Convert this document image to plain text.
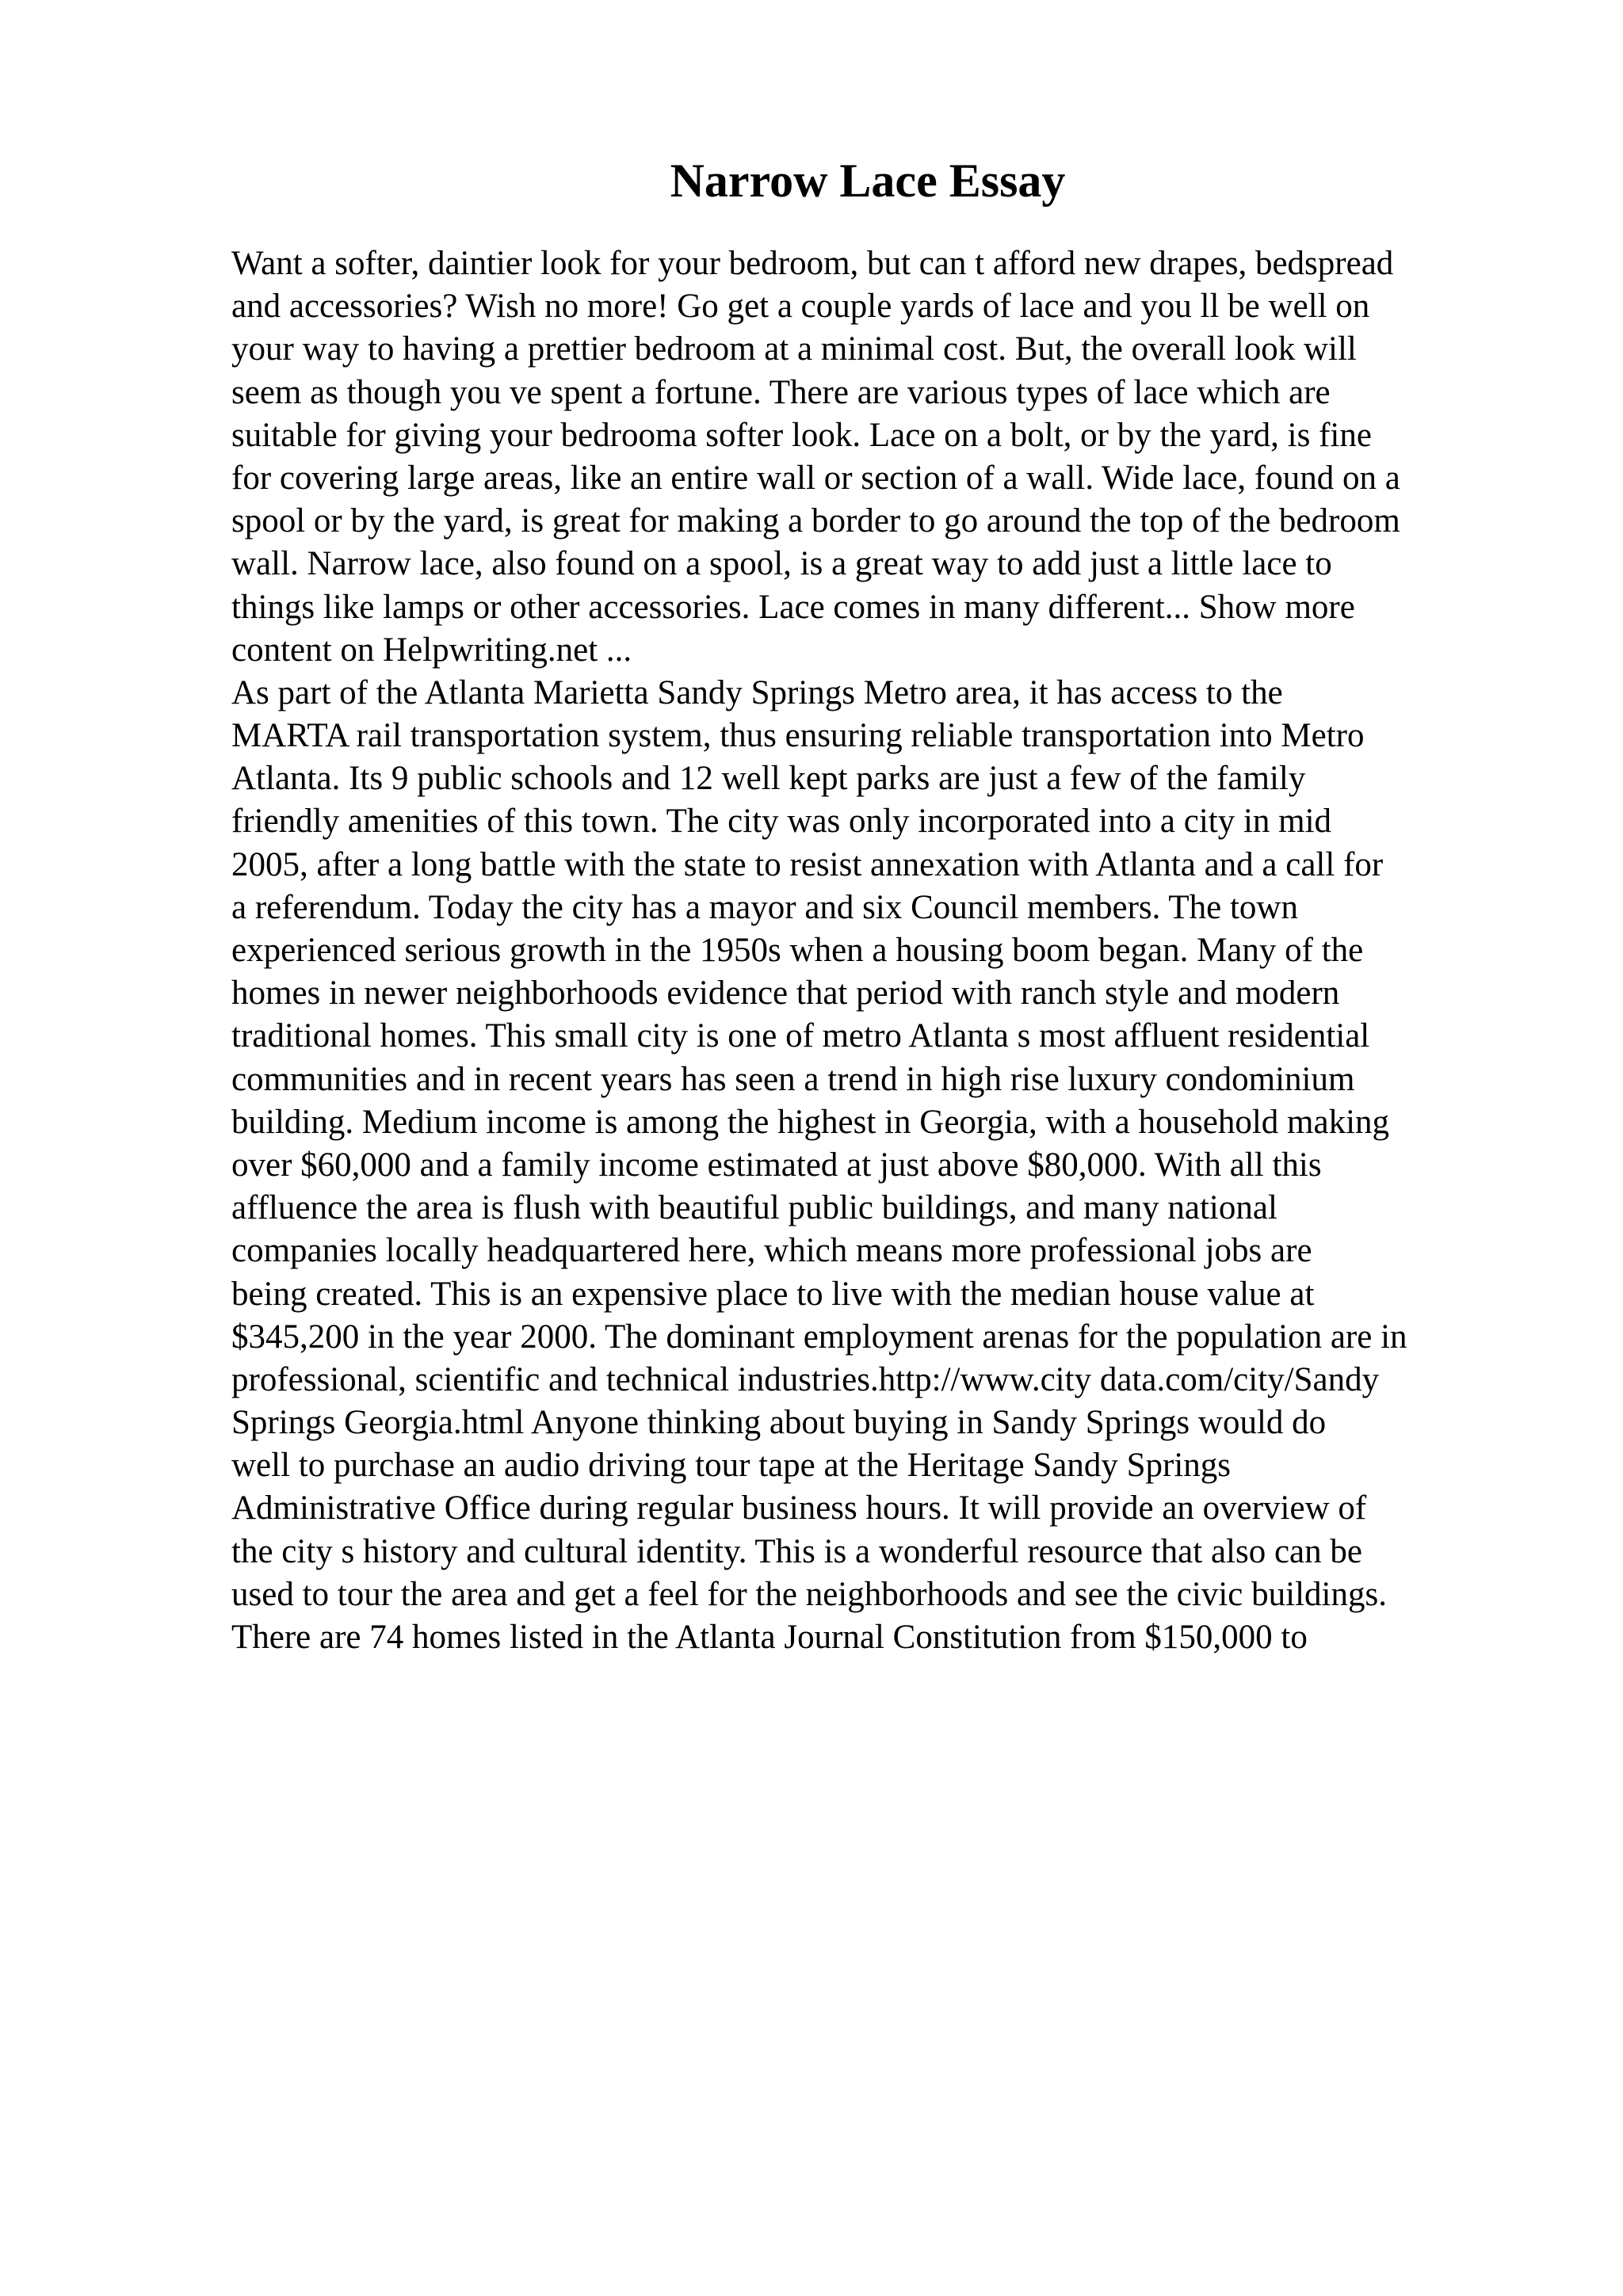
Narrow Lace Essay
Want a softer, daintier look for your bedroom, but can t afford new drapes, bedspread
and accessories? Wish no more! Go get a couple yards of lace and you ll be well on
your way to having a prettier bedroom at a minimal cost. But, the overall look will
seem as though you ve spent a fortune. There are various types of lace which are
suitable for giving your bedrooma softer look. Lace on a bolt, or by the yard, is fine
for covering large areas, like an entire wall or section of a wall. Wide lace, found on a
spool or by the yard, is great for making a border to go around the top of the bedroom
wall. Narrow lace, also found on a spool, is a great way to add just a little lace to
things like lamps or other accessories. Lace comes in many different... Show more
content on Helpwriting.net ...
As part of the Atlanta Marietta Sandy Springs Metro area, it has access to the
MARTA rail transportation system, thus ensuring reliable transportation into Metro
Atlanta. Its 9 public schools and 12 well kept parks are just a few of the family
friendly amenities of this town. The city was only incorporated into a city in mid
2005, after a long battle with the state to resist annexation with Atlanta and a call for
a referendum. Today the city has a mayor and six Council members. The town
experienced serious growth in the 1950s when a housing boom began. Many of the
homes in newer neighborhoods evidence that period with ranch style and modern
traditional homes. This small city is one of metro Atlanta s most affluent residential
communities and in recent years has seen a trend in high rise luxury condominium
building. Medium income is among the highest in Georgia, with a household making
over $60,000 and a family income estimated at just above $80,000. With all this
affluence the area is flush with beautiful public buildings, and many national
companies locally headquartered here, which means more professional jobs are
being created. This is an expensive place to live with the median house value at
$345,200 in the year 2000. The dominant employment arenas for the population are in
professional, scientific and technical industries.http://www.city data.com/city/Sandy
Springs Georgia.html Anyone thinking about buying in Sandy Springs would do
well to purchase an audio driving tour tape at the Heritage Sandy Springs
Administrative Office during regular business hours. It will provide an overview of
the city s history and cultural identity. This is a wonderful resource that also can be
used to tour the area and get a feel for the neighborhoods and see the civic buildings.
There are 74 homes listed in the Atlanta Journal Constitution from $150,000 to
